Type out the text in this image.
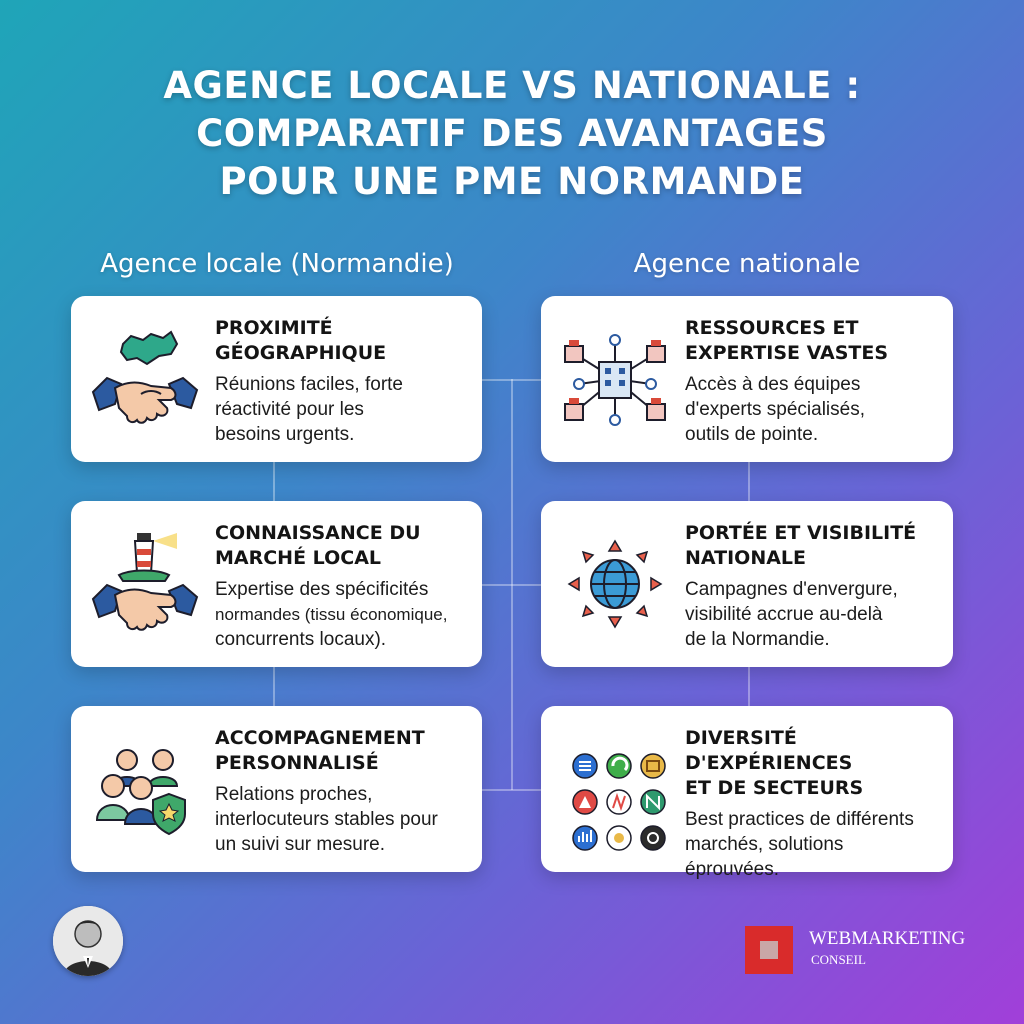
AGENCE LOCALE VS NATIONALE :
COMPARATIF DES AVANTAGES
POUR UNE PME NORMANDE
Agence locale (Normandie)	Agence nationale
PROXIMITÉ
GÉOGRAPHIQUE

Réunions faciles, forte
réactivité pour les
besoins urgents.

CONNAISSANCE DU
MARCHÉ LOCAL

Expertise des spécificités
normandes (tissu économique,
concurrents locaux).

ACCOMPAGNEMENT
PERSONNALISÉ

Relations proches,
interlocuteurs stables pour
un suivi sur mesure.

RESSOURCES ET
EXPERTISE VASTES

Accès à des équipes
d'experts spécialisés,
outils de pointe.

PORTÉE ET VISIBILITÉ
NATIONALE

Campagnes d'envergure,
visibilité accrue au-delà
de la Normandie.

DIVERSITÉ D'EXPÉRIENCES
ET DE SECTEURS

Best practices de différents
marchés, solutions
éprouvées.

WEBMARKETING
CONSEIL
